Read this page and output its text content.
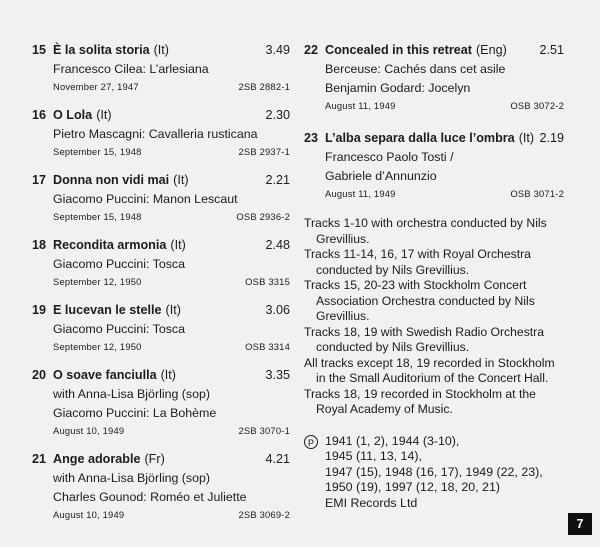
15 È la solita storia (It)	3.49
Francesco Cilea: L’arlesiana
November 27, 1947	2SB 2882-1
16 O Lola (It)	2.30
Pietro Mascagni: Cavalleria rusticana
September 15, 1948	2SB 2937-1
17 Donna non vidi mai (It)	2.21
Giacomo Puccini: Manon Lescaut
September 15, 1948	OSB 2936-2
18 Recondita armonia (It)	2.48
Giacomo Puccini: Tosca
September 12, 1950	OSB 3315
19 E lucevan le stelle (It)	3.06
Giacomo Puccini: Tosca
September 12, 1950	OSB 3314
20 O soave fanciulla (It)	3.35
with Anna-Lisa Björling (sop)
Giacomo Puccini: La Bohème
August 10, 1949	2SB 3070-1
21 Ange adorable (Fr)	4.21
with Anna-Lisa Björling (sop)
Charles Gounod: Roméo et Juliette
August 10, 1949	2SB 3069-2
22 Concealed in this retreat (Eng)	2.51
Berceuse: Cachés dans cet asile
Benjamin Godard: Jocelyn
August 11, 1949	OSB 3072-2
23 L’alba separa dalla luce l’ombra (It) 2.19
Francesco Paolo Tosti /
Gabriele d’Annunzio
August 11, 1949	OSB 3071-2
Tracks 1-10 with orchestra conducted by Nils Grevillius.
Tracks 11-14, 16, 17 with Royal Orchestra conducted by Nils Grevillius.
Tracks 15, 20-23 with Stockholm Concert Association Orchestra conducted by Nils Grevillius.
Tracks 18, 19 with Swedish Radio Orchestra conducted by Nils Grevillius.
All tracks except 18, 19 recorded in Stockholm in the Small Auditorium of the Concert Hall.
Tracks 18, 19 recorded in Stockholm at the Royal Academy of Music.
P 1941 (1, 2), 1944 (3-10),
1945 (11, 13, 14),
1947 (15), 1948 (16, 17), 1949 (22, 23),
1950 (19), 1997 (12, 18, 20, 21)
EMI Records Ltd
7
